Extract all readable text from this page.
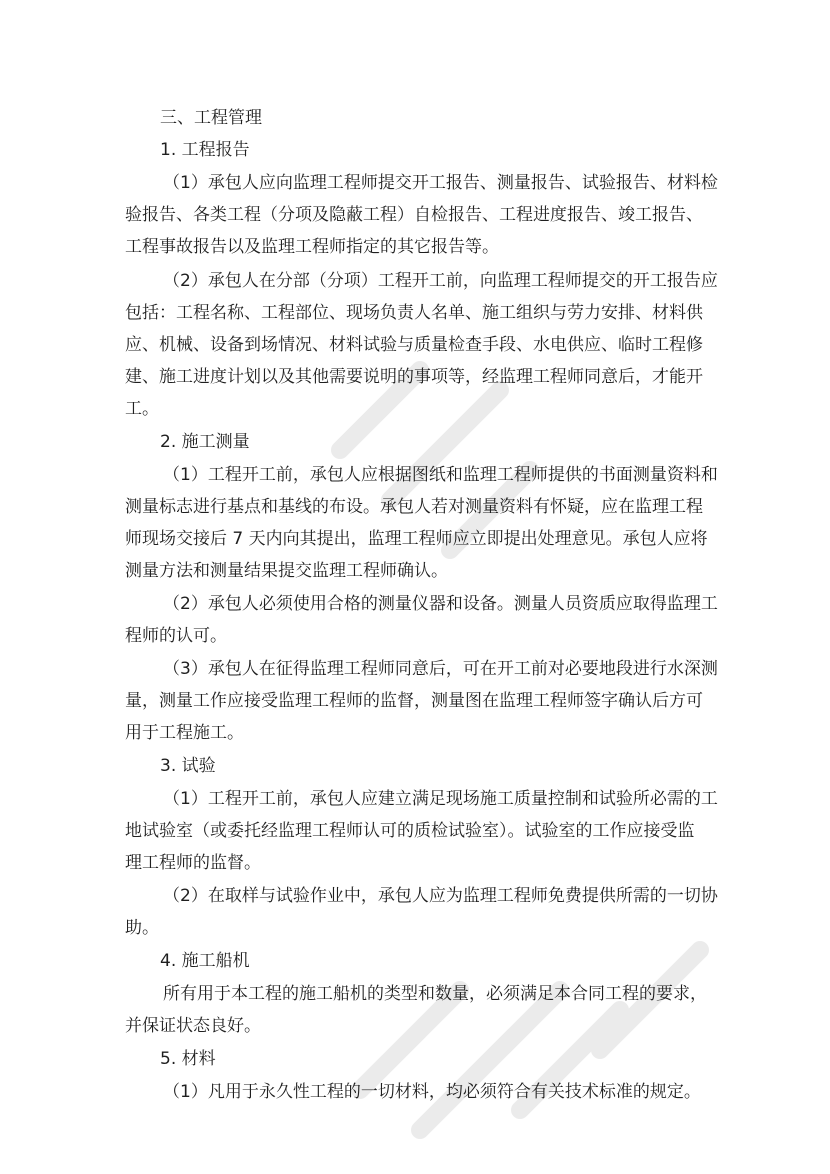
三、工程管理
1. 工程报告
（1）承包人应向监理工程师提交开工报告、测量报告、试验报告、材料检
验报告、各类工程（分项及隐蔽工程）自检报告、工程进度报告、竣工报告、
工程事故报告以及监理工程师指定的其它报告等。
（2）承包人在分部（分项）工程开工前，向监理工程师提交的开工报告应
包括：工程名称、工程部位、现场负责人名单、施工组织与劳力安排、材料供
应、机械、设备到场情况、材料试验与质量检查手段、水电供应、临时工程修
建、施工进度计划以及其他需要说明的事项等，经监理工程师同意后，才能开
工。
2. 施工测量
（1）工程开工前，承包人应根据图纸和监理工程师提供的书面测量资料和
测量标志进行基点和基线的布设。承包人若对测量资料有怀疑，应在监理工程
师现场交接后 7 天内向其提出，监理工程师应立即提出处理意见。承包人应将
测量方法和测量结果提交监理工程师确认。
（2）承包人必须使用合格的测量仪器和设备。测量人员资质应取得监理工
程师的认可。
（3）承包人在征得监理工程师同意后，可在开工前对必要地段进行水深测
量，测量工作应接受监理工程师的监督，测量图在监理工程师签字确认后方可
用于工程施工。
3. 试验
（1）工程开工前，承包人应建立满足现场施工质量控制和试验所必需的工
地试验室（或委托经监理工程师认可的质检试验室）。试验室的工作应接受监
理工程师的监督。
（2）在取样与试验作业中，承包人应为监理工程师免费提供所需的一切协
助。
4. 施工船机
所有用于本工程的施工船机的类型和数量，必须满足本合同工程的要求，
并保证状态良好。
5. 材料
（1）凡用于永久性工程的一切材料，均必须符合有关技术标准的规定。
